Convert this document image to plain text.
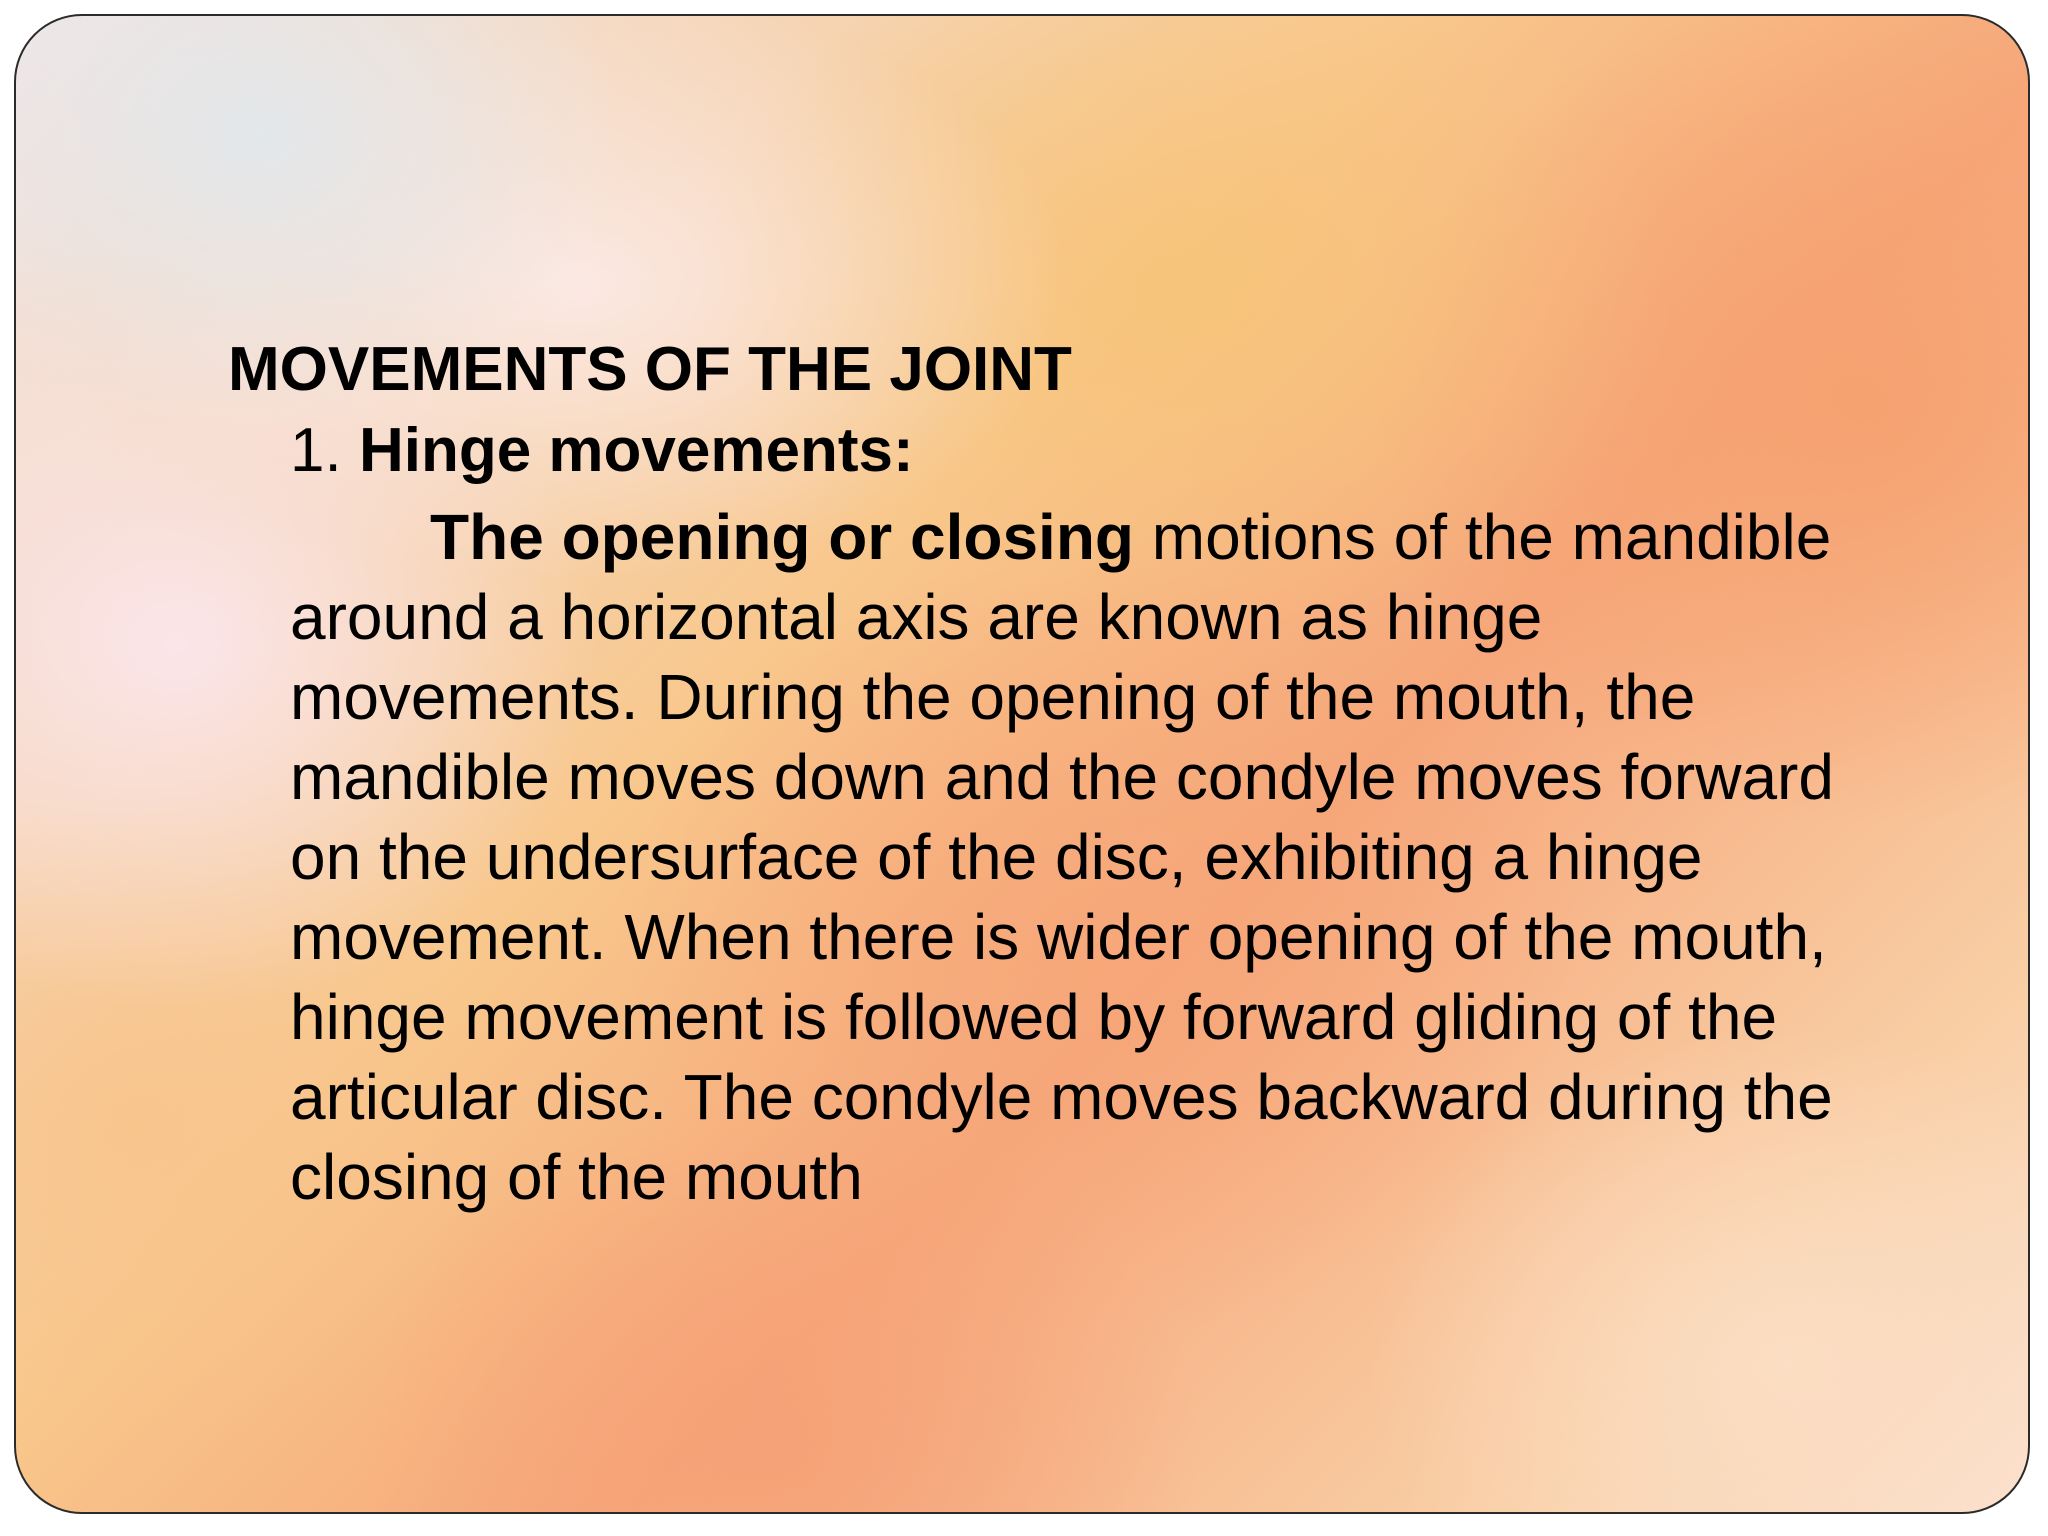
MOVEMENTS OF THE JOINT

1. Hinge movements:

The opening or closing motions of the mandible around a horizontal axis are known as hinge movements. During the opening of the mouth, the mandible moves down and the condyle moves forward on the undersurface of the disc, exhibiting a hinge movement. When there is wider opening of the mouth, hinge movement is followed by forward gliding of the articular disc. The condyle moves backward during the closing of the mouth
